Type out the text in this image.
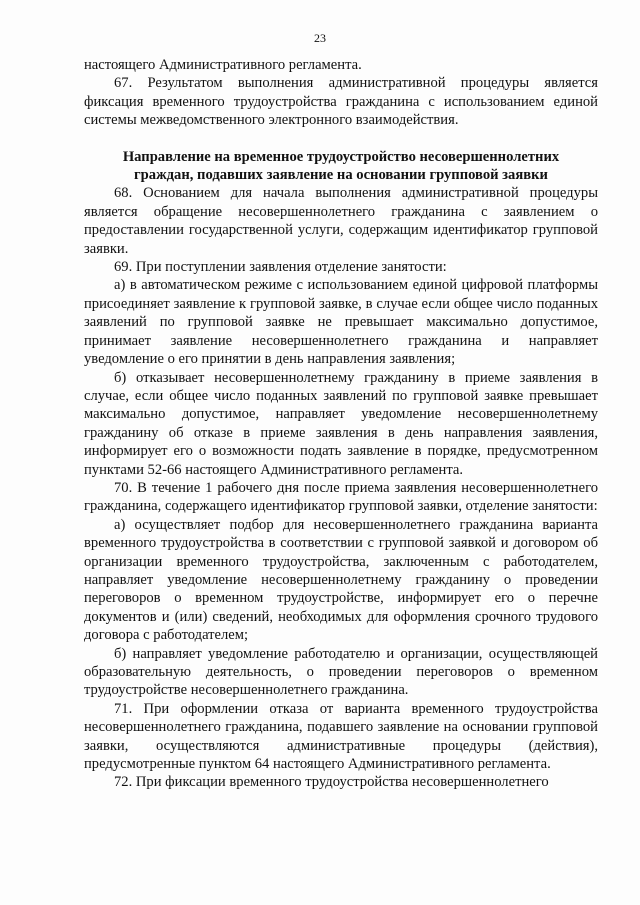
23

настоящего Административного регламента.

67. Результатом выполнения административной процедуры является фиксация временного трудоустройства гражданина с использованием единой системы межведомственного электронного взаимодействия.

Направление на временное трудоустройство несовершеннолетних граждан, подавших заявление на основании групповой заявки

68. Основанием для начала выполнения административной процедуры является обращение несовершеннолетнего гражданина с заявлением о предоставлении государственной услуги, содержащим идентификатор групповой заявки.

69. При поступлении заявления отделение занятости:

а) в автоматическом режиме с использованием единой цифровой платформы присоединяет заявление к групповой заявке, в случае если общее число поданных заявлений по групповой заявке не превышает максимально допустимое, принимает заявление несовершеннолетнего гражданина и направляет уведомление о его принятии в день направления заявления;

б) отказывает несовершеннолетнему гражданину в приеме заявления в случае, если общее число поданных заявлений по групповой заявке превышает максимально допустимое, направляет уведомление несовершеннолетнему гражданину об отказе в приеме заявления в день направления заявления, информирует его о возможности подать заявление в порядке, предусмотренном пунктами 52-66 настоящего Административного регламента.

70. В течение 1 рабочего дня после приема заявления несовершеннолетнего гражданина, содержащего идентификатор групповой заявки, отделение занятости:

а) осуществляет подбор для несовершеннолетнего гражданина варианта временного трудоустройства в соответствии с групповой заявкой и договором об организации временного трудоустройства, заключенным с работодателем, направляет уведомление несовершеннолетнему гражданину о проведении переговоров о временном трудоустройстве, информирует его о перечне документов и (или) сведений, необходимых для оформления срочного трудового договора с работодателем;

б) направляет уведомление работодателю и организации, осуществляющей образовательную деятельность, о проведении переговоров о временном трудоустройстве несовершеннолетнего гражданина.

71. При оформлении отказа от варианта временного трудоустройства несовершеннолетнего гражданина, подавшего заявление на основании групповой заявки, осуществляются административные процедуры (действия), предусмотренные пунктом 64 настоящего Административного регламента.

72. При фиксации временного трудоустройства несовершеннолетнего
